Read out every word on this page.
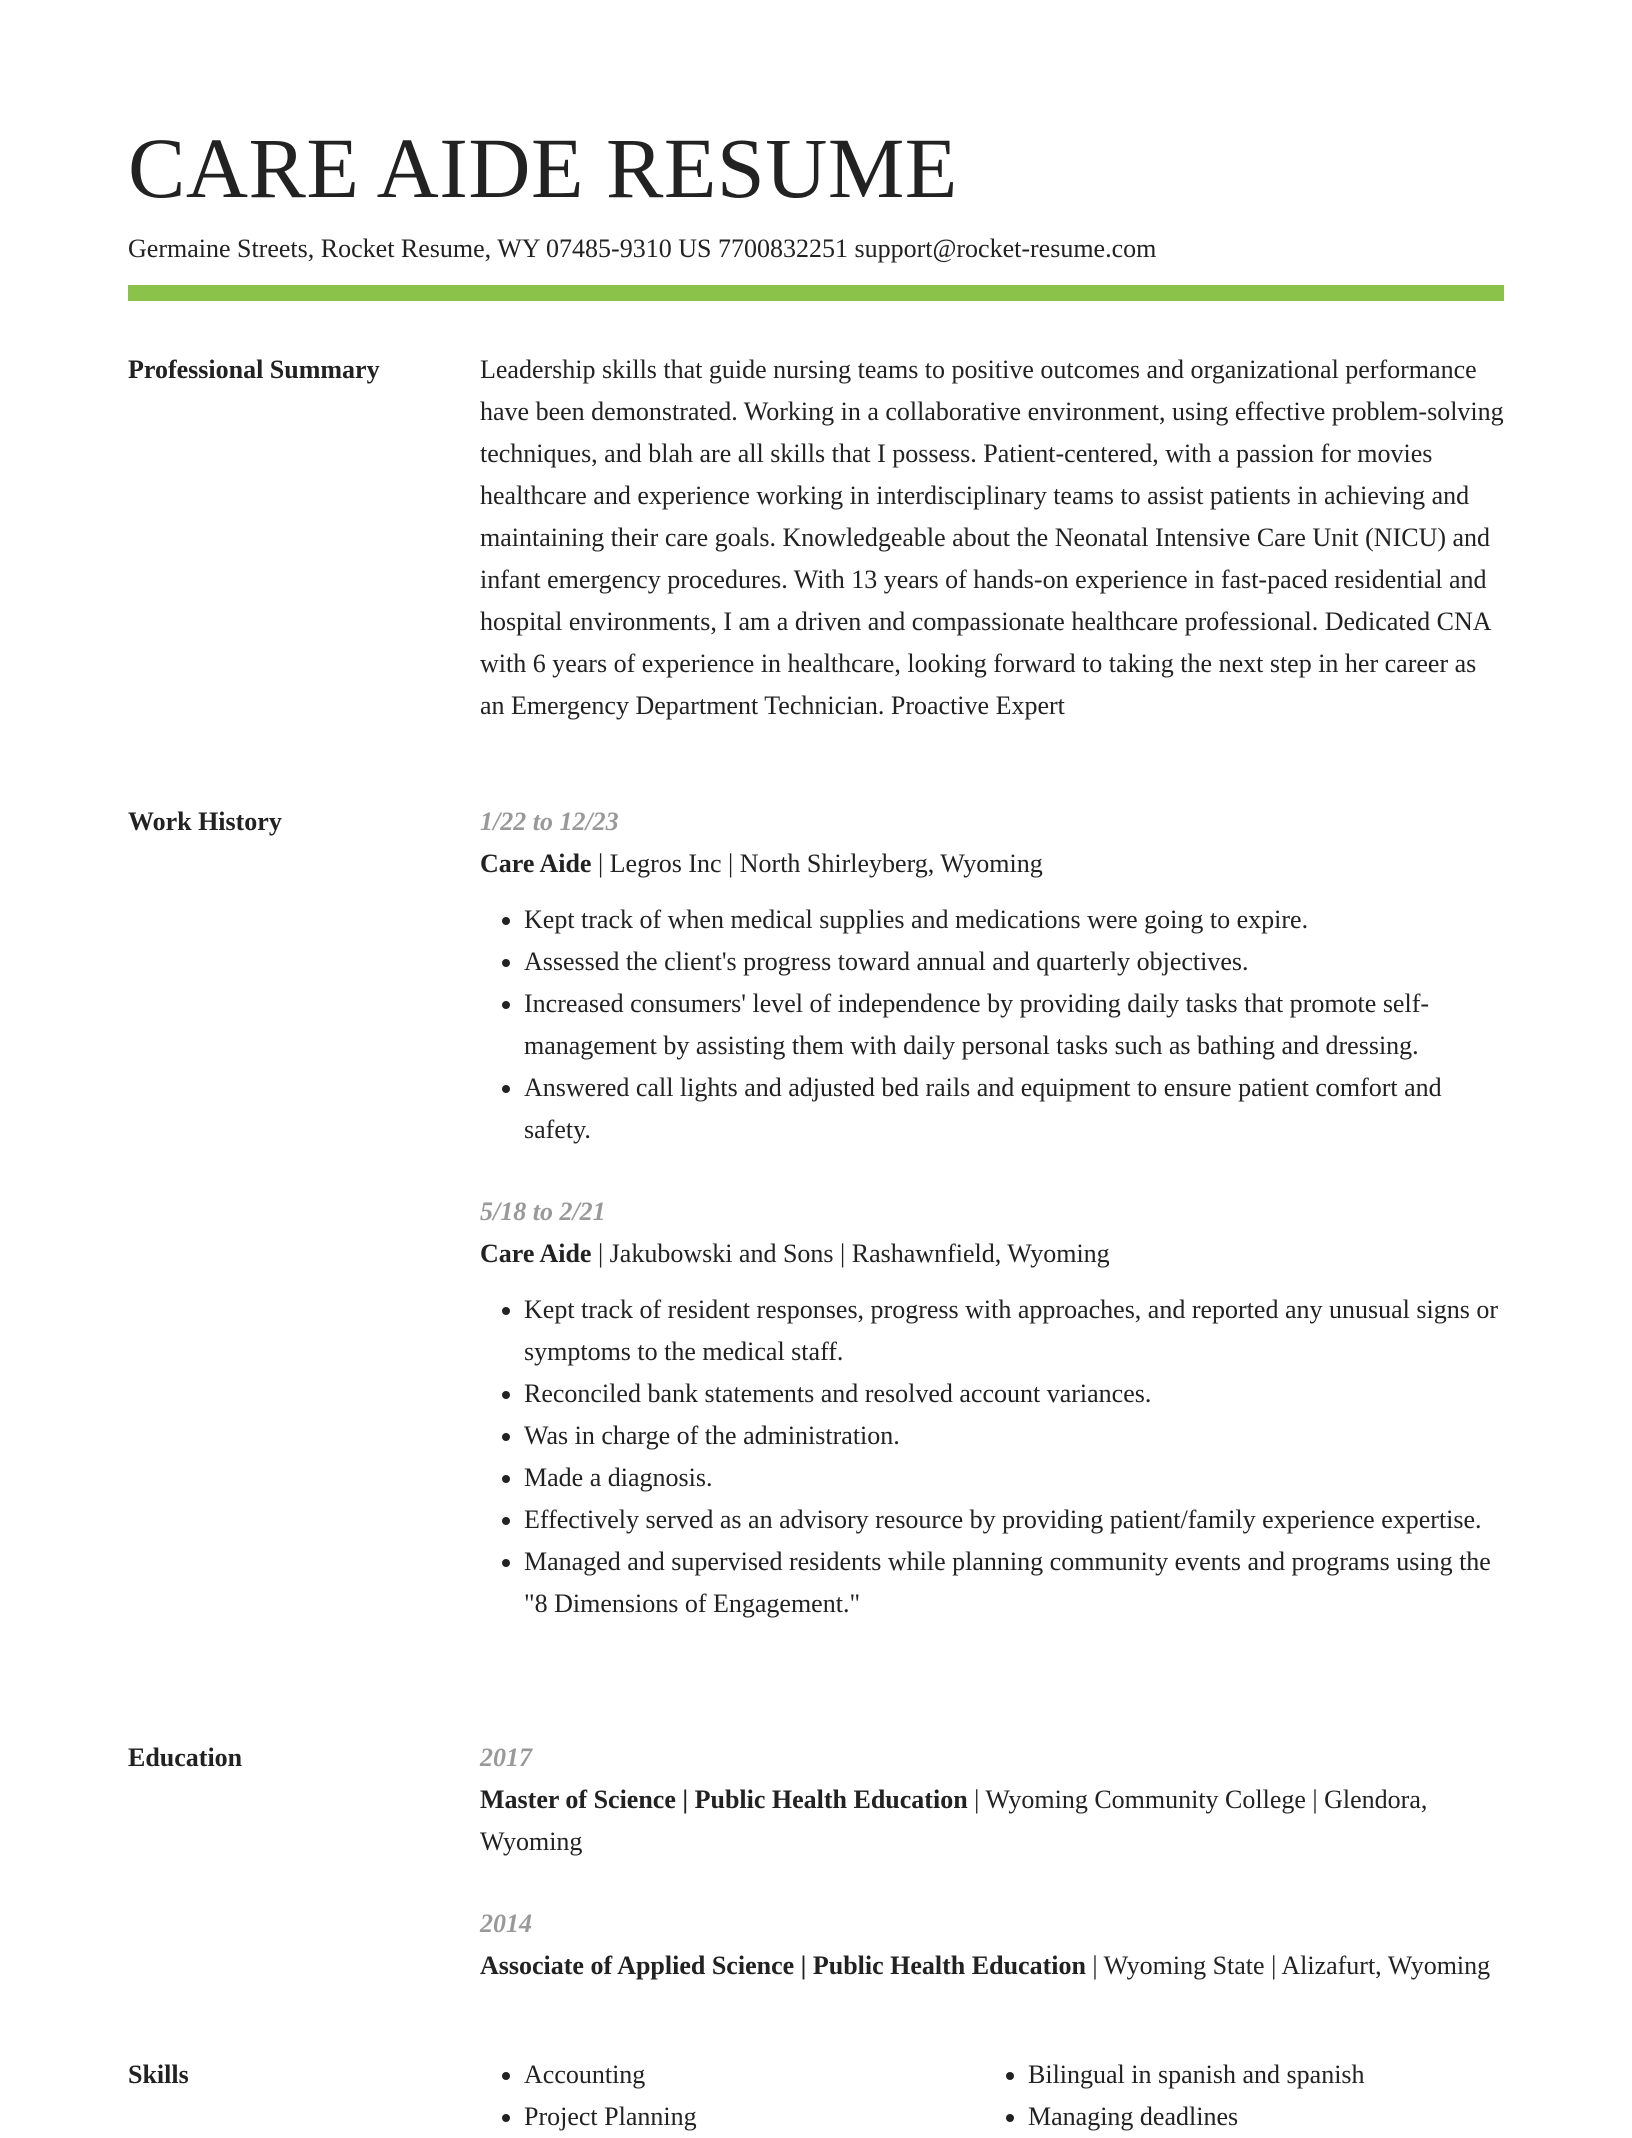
CARE AIDE RESUME
Germaine Streets, Rocket Resume, WY 07485-9310 US 7700832251 support@rocket-resume.com
Professional Summary	Leadership skills that guide nursing teams to positive outcomes and organizational performance have been demonstrated. Working in a collaborative environment, using effective problem-solving techniques, and blah are all skills that I possess. Patient-centered, with a passion for movies healthcare and experience working in interdisciplinary teams to assist patients in achieving and maintaining their care goals. Knowledgeable about the Neonatal Intensive Care Unit (NICU) and infant emergency procedures. With 13 years of hands-on experience in fast-paced residential and hospital environments, I am a driven and compassionate healthcare professional. Dedicated CNA with 6 years of experience in healthcare, looking forward to taking the next step in her career as an Emergency Department Technician. Proactive Expert

Work History	1/22 to 12/23

Care Aide | Legros Inc | North Shirleyberg, Wyoming

• Kept track of when medical supplies and medications were going to expire.
• Assessed the client's progress toward annual and quarterly objectives.
• Increased consumers' level of independence by providing daily tasks that promote self-management by assisting them with daily personal tasks such as bathing and dressing.
• Answered call lights and adjusted bed rails and equipment to ensure patient comfort and safety.

5/18 to 2/21

Care Aide | Jakubowski and Sons | Rashawnfield, Wyoming

• Kept track of resident responses, progress with approaches, and reported any unusual signs or symptoms to the medical staff.
• Reconciled bank statements and resolved account variances.
• Was in charge of the administration.
• Made a diagnosis.
• Effectively served as an advisory resource by providing patient/family experience expertise.
• Managed and supervised residents while planning community events and programs using the "8 Dimensions of Engagement."
Education	2017

Master of Science | Public Health Education | Wyoming Community College | Glendora, Wyoming

2014

Associate of Applied Science | Public Health Education | Wyoming State | Alizafurt, Wyoming

Skills
•	Accounting
• Project Planning
• Bilingual in spanish and spanish
• Managing deadlines
